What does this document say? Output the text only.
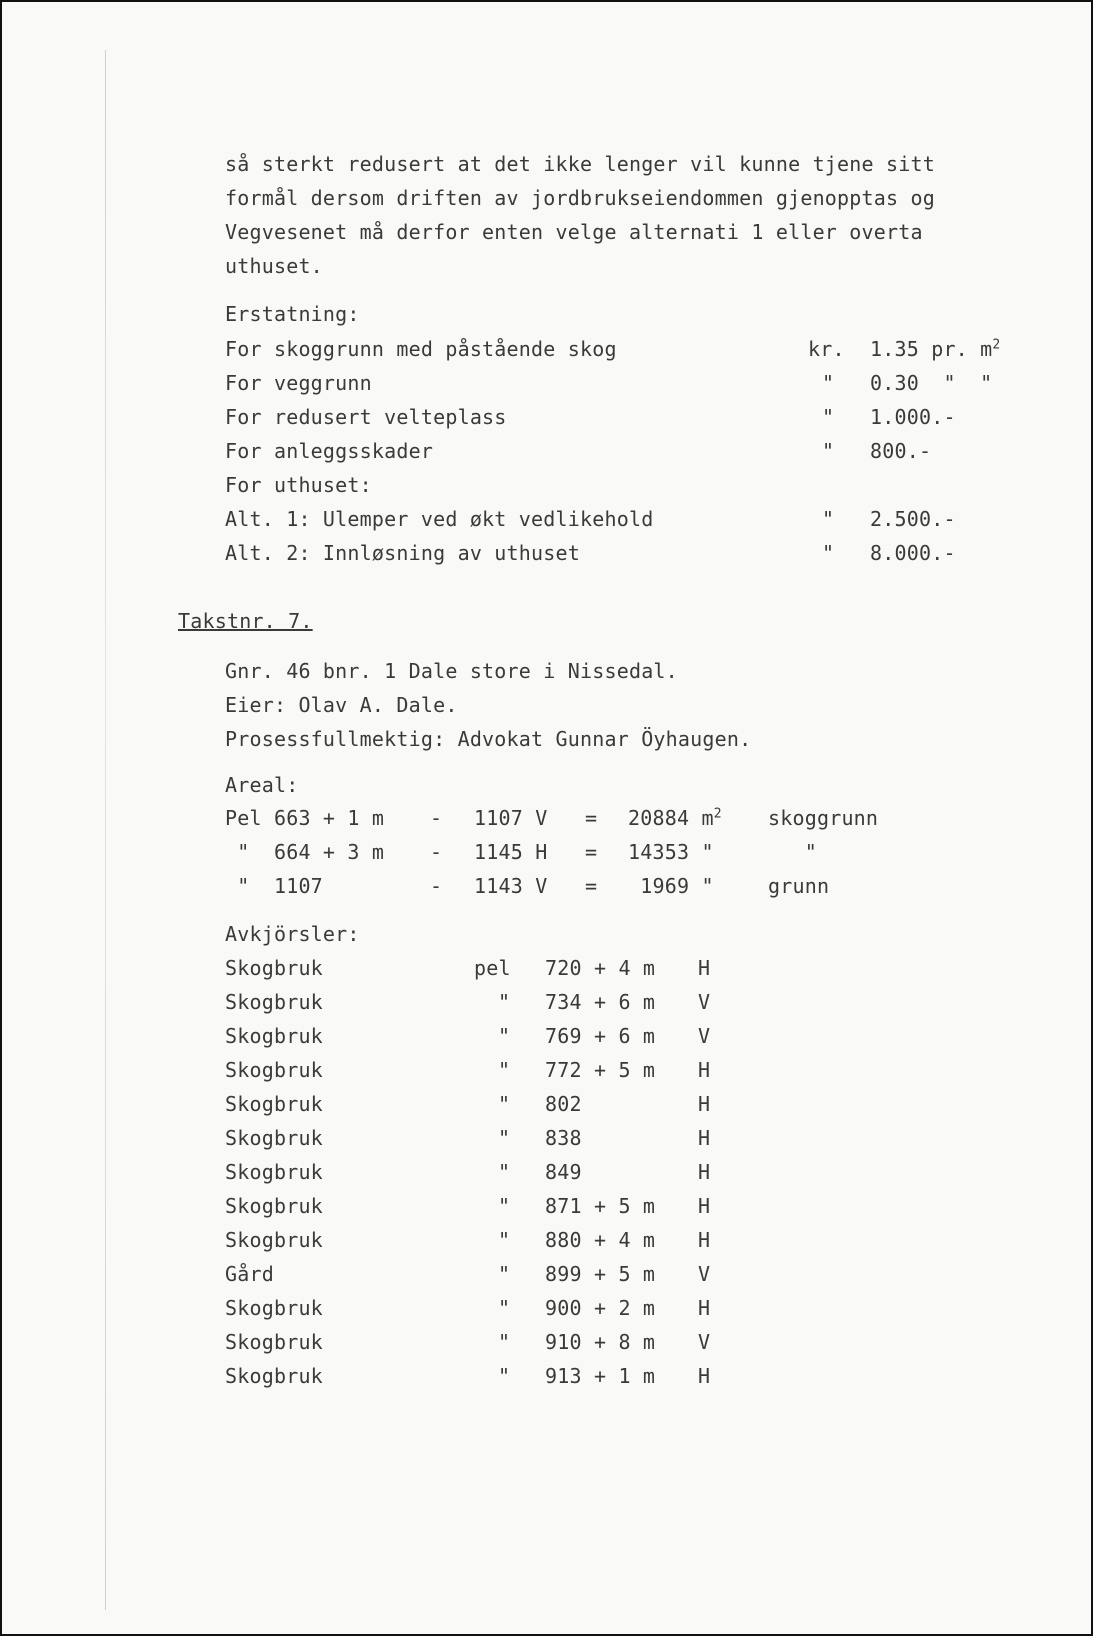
så sterkt redusert at det ikke lenger vil kunne tjene sitt
formål dersom driften av jordbrukseiendommen gjenopptas og
Vegvesenet må derfor enten velge alternati 1 eller overta
uthuset.
Erstatning:
For skoggrunn med påstående skog	kr. 1.35 pr. $m^2$
For veggrunn	" 0.30  "  "
For redusert velteplass	" 1.000.-
For anleggsskader	" 800.-
For uthuset:
Alt. 1: Ulemper ved økt vedlikehold	" 2.500.-
Alt. 2: Innløsning av uthuset	" 8.000.-
Takstnr. 7.
Gnr. 46 bnr. 1 Dale store i Nissedal.
Eier: Olav A. Dale.
Prosessfullmektig: Advokat Gunnar Öyhaugen.
Areal:
Pel 663 + 1 m - 1107 V = 20884 $m^2$ skoggrunn
"  664 + 3 m - 1145 H = 14353 "	"
"  1107	- 1143 V = 1969 "	grunn
Avkjörsler:
Skogbruk	pel 720 + 4 m H
Skogbruk	" 734 + 6 m V
Skogbruk	" 769 + 6 m V
Skogbruk	" 772 + 5 m H
Skogbruk	" 802	H
Skogbruk	" 838	H
Skogbruk	" 849	H
Skogbruk	" 871 + 5 m H
Skogbruk	" 880 + 4 m H
Gård	" 899 + 5 m V
Skogbruk	" 900 + 2 m H
Skogbruk	" 910 + 8 m V
Skogbruk	" 913 + 1 m H
